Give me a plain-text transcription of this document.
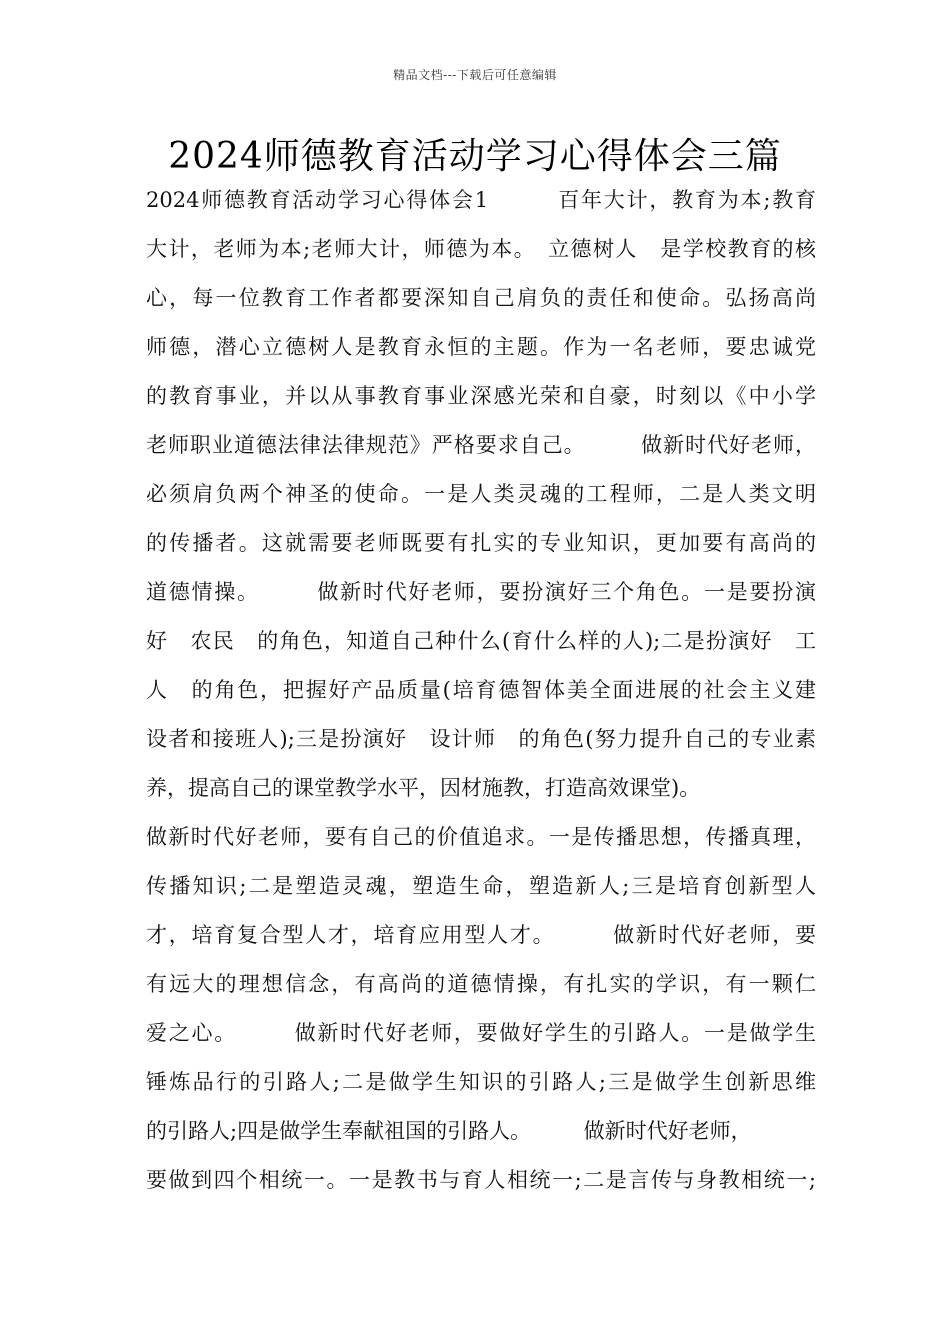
精品文档---下载后可任意编辑
2024师德教育活动学习心得体会三篇
2024师德教育活动学习心得体会1　　　百年大计，教育为本;教育
大计，老师为本;老师大计，师德为本。　立德树人　是学校教育的核
心，每一位教育工作者都要深知自己肩负的责任和使命。弘扬高尚
师德，潜心立德树人是教育永恒的主题。作为一名老师，要忠诚党
的教育事业，并以从事教育事业深感光荣和自豪，时刻以《中小学
老师职业道德法律法律规范》严格要求自己。　　　做新时代好老师，
必须肩负两个神圣的使命。一是人类灵魂的工程师，二是人类文明
的传播者。这就需要老师既要有扎实的专业知识，更加要有高尚的
道德情操。　　　做新时代好老师，要扮演好三个角色。一是要扮演
好　农民　的角色，知道自己种什么(育什么样的人);二是扮演好　工
人　的角色，把握好产品质量(培育德智体美全面进展的社会主义建
设者和接班人);三是扮演好　设计师　的角色(努力提升自己的专业素
养，提高自己的课堂教学水平，因材施教，打造高效课堂)。
做新时代好老师，要有自己的价值追求。一是传播思想，传播真理，
传播知识;二是塑造灵魂，塑造生命，塑造新人;三是培育创新型人
才，培育复合型人才，培育应用型人才。　　　做新时代好老师，要
有远大的理想信念，有高尚的道德情操，有扎实的学识，有一颗仁
爱之心。　　　做新时代好老师，要做好学生的引路人。一是做学生
锤炼品行的引路人;二是做学生知识的引路人;三是做学生创新思维
的引路人;四是做学生奉献祖国的引路人。　　　做新时代好老师，
要做到四个相统一。一是教书与育人相统一;二是言传与身教相统一;
